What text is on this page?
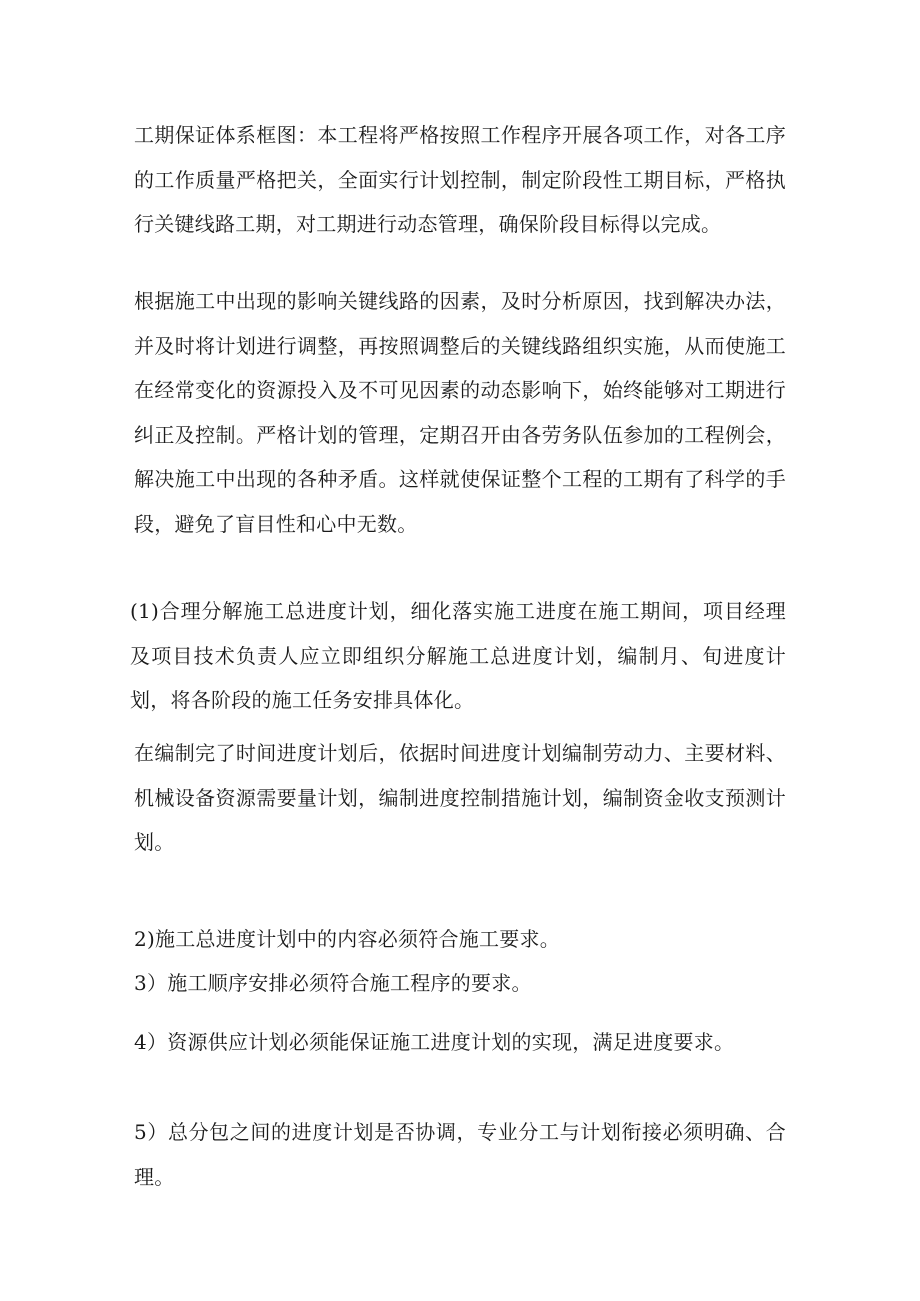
工期保证体系框图：本工程将严格按照工作程序开展各项工作，对各工序的工作质量严格把关，全面实行计划控制，制定阶段性工期目标，严格执行关键线路工期，对工期进行动态管理，确保阶段目标得以完成。

根据施工中出现的影响关键线路的因素，及时分析原因，找到解决办法，并及时将计划进行调整，再按照调整后的关键线路组织实施，从而使施工在经常变化的资源投入及不可见因素的动态影响下，始终能够对工期进行纠正及控制。严格计划的管理，定期召开由各劳务队伍参加的工程例会，解决施工中出现的各种矛盾。这样就使保证整个工程的工期有了科学的手段，避免了盲目性和心中无数。

(1)合理分解施工总进度计划，细化落实施工进度在施工期间，项目经理及项目技术负责人应立即组织分解施工总进度计划，编制月、旬进度计划，将各阶段的施工任务安排具体化。

在编制完了时间进度计划后，依据时间进度计划编制劳动力、主要材料、机械设备资源需要量计划，编制进度控制措施计划，编制资金收支预测计划。

2)施工总进度计划中的内容必须符合施工要求。

3）施工顺序安排必须符合施工程序的要求。

4）资源供应计划必须能保证施工进度计划的实现，满足进度要求。

5）总分包之间的进度计划是否协调，专业分工与计划衔接必须明确、合理。
